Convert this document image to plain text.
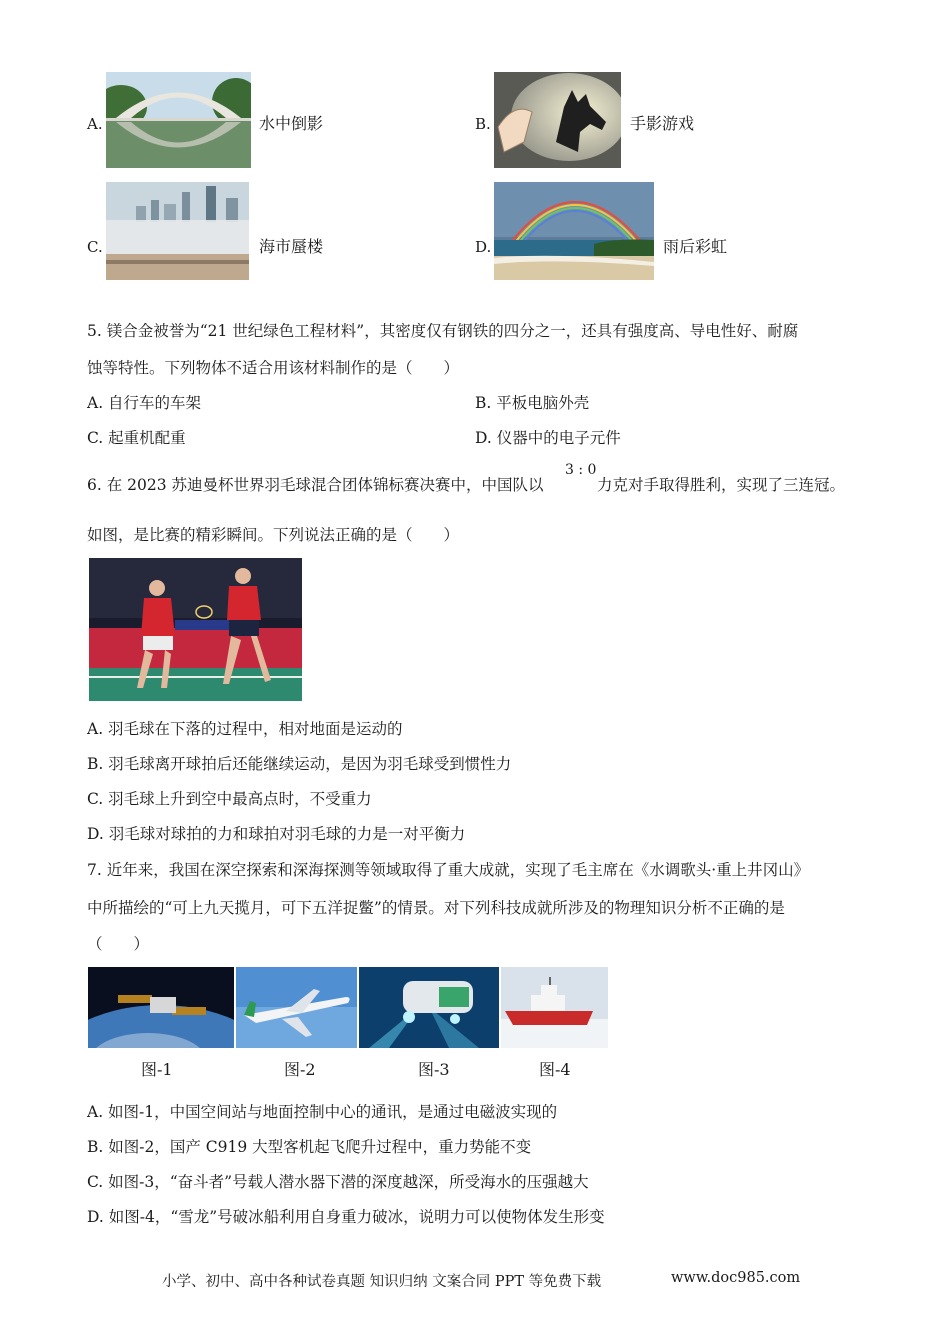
A.	水中倒影	B.	手影游戏
C.	海市蜃楼	D.	雨后彩虹
5. 镁合金被誉为“21 世纪绿色工程材料”，其密度仅有钢铁的四分之一，还具有强度高、导电性好、耐腐
蚀等特性。下列物体不适合用该材料制作的是（　　）
A. 自行车的车架	B. 平板电脑外壳
C. 起重机配重	D. 仪器中的电子元件
6. 在 2023 苏迪曼杯世界羽毛球混合团体锦标赛决赛中，中国队以
3 : 0
力克对手取得胜利，实现了三连冠。
如图，是比赛的精彩瞬间。下列说法正确的是（　　）
A. 羽毛球在下落的过程中，相对地面是运动的
B. 羽毛球离开球拍后还能继续运动，是因为羽毛球受到惯性力
C. 羽毛球上升到空中最高点时，不受重力
D. 羽毛球对球拍的力和球拍对羽毛球的力是一对平衡力
7. 近年来，我国在深空探索和深海探测等领域取得了重大成就，实现了毛主席在《水调歌头·重上井冈山》
中所描绘的“可上九天揽月，可下五洋捉鳖”的情景。对下列科技成就所涉及的物理知识分析不正确的是
（　　）
图-1	图-2	图-3	图-4
A. 如图-1，中国空间站与地面控制中心的通讯，是通过电磁波实现的
B. 如图-2，国产 C919 大型客机起飞爬升过程中，重力势能不变
C. 如图-3，“奋斗者”号载人潜水器下潜的深度越深，所受海水的压强越大
D. 如图-4，“雪龙”号破冰船利用自身重力破冰，说明力可以使物体发生形变
小学、初中、高中各种试卷真题 知识归纳 文案合同 PPT 等免费下载	www.doc985.com
